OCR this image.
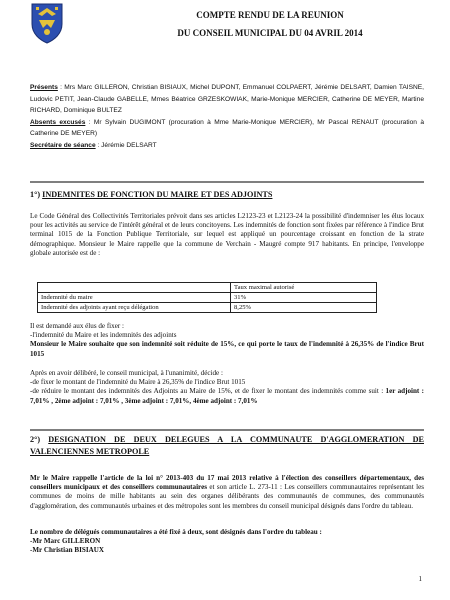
COMPTE RENDU DE LA REUNION
DU CONSEIL MUNICIPAL DU 04 AVRIL 2014
Présents : Mrs Marc GILLERON, Christian BISIAUX, Michel DUPONT, Emmanuel COLPAERT, Jérémie DELSART, Damien TAISNE, Ludovic PETIT, Jean-Claude GABELLE, Mmes Béatrice GRZESKOWIAK, Marie-Monique MERCIER, Catherine DE MEYER, Martine RICHARD, Dominique BULTEZ
Absents excusés : Mr Sylvain DUGIMONT (procuration à Mme Marie-Monique MERCIER), Mr Pascal RENAUT (procuration à Catherine DE MEYER)
Secrétaire de séance : Jérémie DELSART
1°) INDEMNITES DE FONCTION DU MAIRE ET DES ADJOINTS
Le Code Général des Collectivités Territoriales prévoit dans ses articles L2123-23 et L2123-24 la possibilité d'indemniser les élus locaux pour les activités au service de l'intérêt général et de leurs concitoyens. Les indemnités de fonction sont fixées par référence à l'indice Brut terminal 1015 de la Fonction Publique Territoriale, sur lequel est appliqué un pourcentage croissant en fonction de la strate démographique. Monsieur le Maire rappelle que la commune de Verchain - Maugré compte 917 habitants. En principe, l'enveloppe globale autorisée est de :
	Taux maximal autorisé
Indemnité du maire	31%
Indemnité des adjoints ayant reçu délégation	8,25%
Il est demandé aux élus de fixer :
-l'indemnité du Maire et les indemnités des adjoints
Monsieur le Maire souhaite que son indemnité soit réduite de 15%, ce qui porte le taux de l'indemnité à 26,35% de l'indice Brut 1015
Après en avoir délibéré, le conseil municipal, à l'unanimité, décide :
-de fixer le montant de l'indemnité du Maire à 26,35% de l'indice Brut 1015
-de réduire le montant des indemnités des Adjoints au Maire de 15%, et de fixer le montant des indemnités comme suit : 1er adjoint : 7,01% , 2ème adjoint : 7,01% , 3ème adjoint : 7,01%, 4ème adjoint : 7,01%
2°) DESIGNATION DE DEUX DELEGUES A LA COMMUNAUTE D'AGGLOMERATION DE VALENCIENNES METROPOLE
Mr le Maire rappelle l'article de la loi n° 2013-403 du 17 mai 2013 relative à l'élection des conseillers départementaux, des conseillers municipaux et des conseillers communautaires et son article L. 273-11 : Les conseillers communautaires représentant les communes de moins de mille habitants au sein des organes délibérants des communautés de communes, des communautés d'agglomération, des communautés urbaines et des métropoles sont les membres du conseil municipal désignés dans l'ordre du tableau.
Le nombre de délégués communautaires a été fixé à deux, sont désignés dans l'ordre du tableau :
-Mr Marc GILLERON
-Mr Christian BISIAUX
1
